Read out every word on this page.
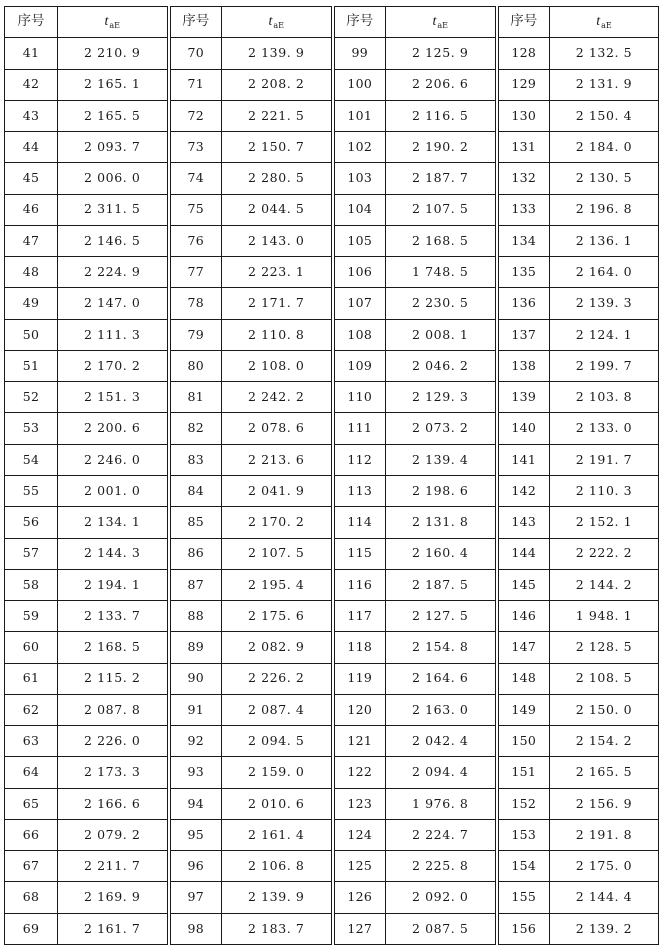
序号	$t_{aE}$	序号	$t_{aE}$	序号	$t_{aE}$	序号	$t_{aE}$
41	2 210. 9	70	2 139. 9	99	2 125. 9	128	2 132. 5
42	2 165. 1	71	2 208. 2	100	2 206. 6	129	2 131. 9
43	2 165. 5	72	2 221. 5	101	2 116. 5	130	2 150. 4
44	2 093. 7	73	2 150. 7	102	2 190. 2	131	2 184. 0
45	2 006. 0	74	2 280. 5	103	2 187. 7	132	2 130. 5
46	2 311. 5	75	2 044. 5	104	2 107. 5	133	2 196. 8
47	2 146. 5	76	2 143. 0	105	2 168. 5	134	2 136. 1
48	2 224. 9	77	2 223. 1	106	1 748. 5	135	2 164. 0
49	2 147. 0	78	2 171. 7	107	2 230. 5	136	2 139. 3
50	2 111. 3	79	2 110. 8	108	2 008. 1	137	2 124. 1
51	2 170. 2	80	2 108. 0	109	2 046. 2	138	2 199. 7
52	2 151. 3	81	2 242. 2	110	2 129. 3	139	2 103. 8
53	2 200. 6	82	2 078. 6	111	2 073. 2	140	2 133. 0
54	2 246. 0	83	2 213. 6	112	2 139. 4	141	2 191. 7
55	2 001. 0	84	2 041. 9	113	2 198. 6	142	2 110. 3
56	2 134. 1	85	2 170. 2	114	2 131. 8	143	2 152. 1
57	2 144. 3	86	2 107. 5	115	2 160. 4	144	2 222. 2
58	2 194. 1	87	2 195. 4	116	2 187. 5	145	2 144. 2
59	2 133. 7	88	2 175. 6	117	2 127. 5	146	1 948. 1
60	2 168. 5	89	2 082. 9	118	2 154. 8	147	2 128. 5
61	2 115. 2	90	2 226. 2	119	2 164. 6	148	2 108. 5
62	2 087. 8	91	2 087. 4	120	2 163. 0	149	2 150. 0
63	2 226. 0	92	2 094. 5	121	2 042. 4	150	2 154. 2
64	2 173. 3	93	2 159. 0	122	2 094. 4	151	2 165. 5
65	2 166. 6	94	2 010. 6	123	1 976. 8	152	2 156. 9
66	2 079. 2	95	2 161. 4	124	2 224. 7	153	2 191. 8
67	2 211. 7	96	2 106. 8	125	2 225. 8	154	2 175. 0
68	2 169. 9	97	2 139. 9	126	2 092. 0	155	2 144. 4
69	2 161. 7	98	2 183. 7	127	2 087. 5	156	2 139. 2
